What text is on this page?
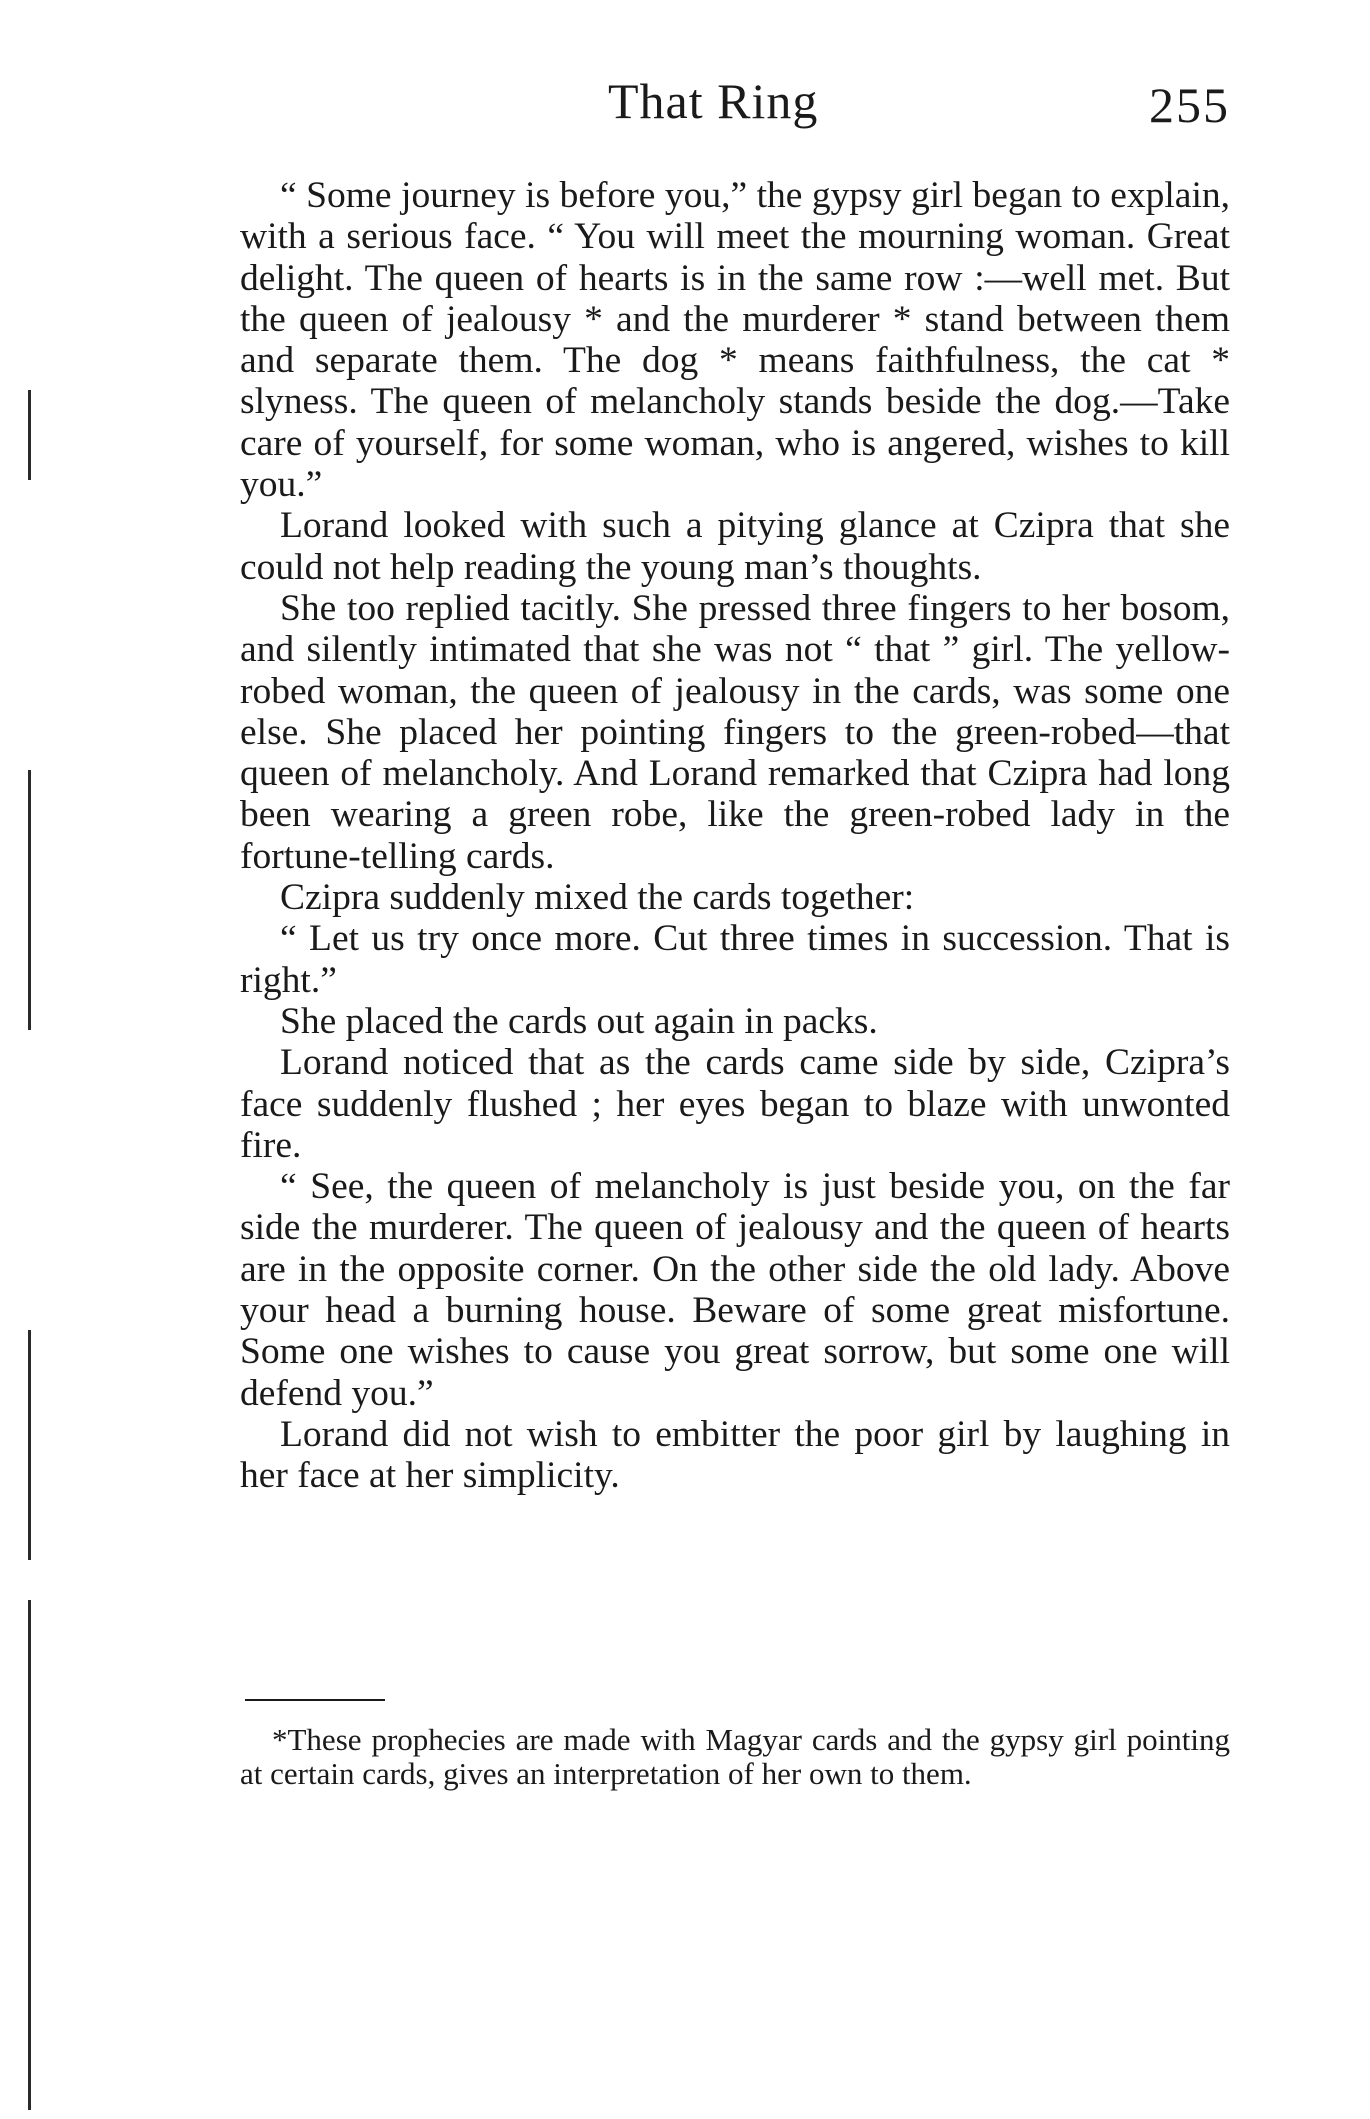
That Ring	255

“ Some journey is before you,” the gypsy girl began to explain, with a serious face. “ You will meet the mourning woman. Great delight. The queen of hearts is in the same row :—well met. But the queen of jealousy * and the murderer * stand between them and separate them. The dog * means faithfulness, the cat * slyness. The queen of melancholy stands beside the dog.—Take care of yourself, for some woman, who is angered, wishes to kill you.”

Lorand looked with such a pitying glance at Czipra that she could not help reading the young man’s thoughts.

She too replied tacitly. She pressed three fingers to her bosom, and silently intimated that she was not “ that ” girl. The yellow-robed woman, the queen of jealousy in the cards, was some one else. She placed her pointing fingers to the green-robed—that queen of melancholy. And Lorand remarked that Czipra had long been wearing a green robe, like the green-robed lady in the fortune-telling cards.

Czipra suddenly mixed the cards together:

“ Let us try once more. Cut three times in succession. That is right.”

She placed the cards out again in packs.

Lorand noticed that as the cards came side by side, Czipra’s face suddenly flushed ; her eyes began to blaze with unwonted fire.

“ See, the queen of melancholy is just beside you, on the far side the murderer. The queen of jealousy and the queen of hearts are in the opposite corner. On the other side the old lady. Above your head a burning house. Beware of some great misfortune. Some one wishes to cause you great sorrow, but some one will defend you.”

Lorand did not wish to embitter the poor girl by laughing in her face at her simplicity.

*These prophecies are made with Magyar cards and the gypsy girl pointing at certain cards, gives an interpretation of her own to them.
